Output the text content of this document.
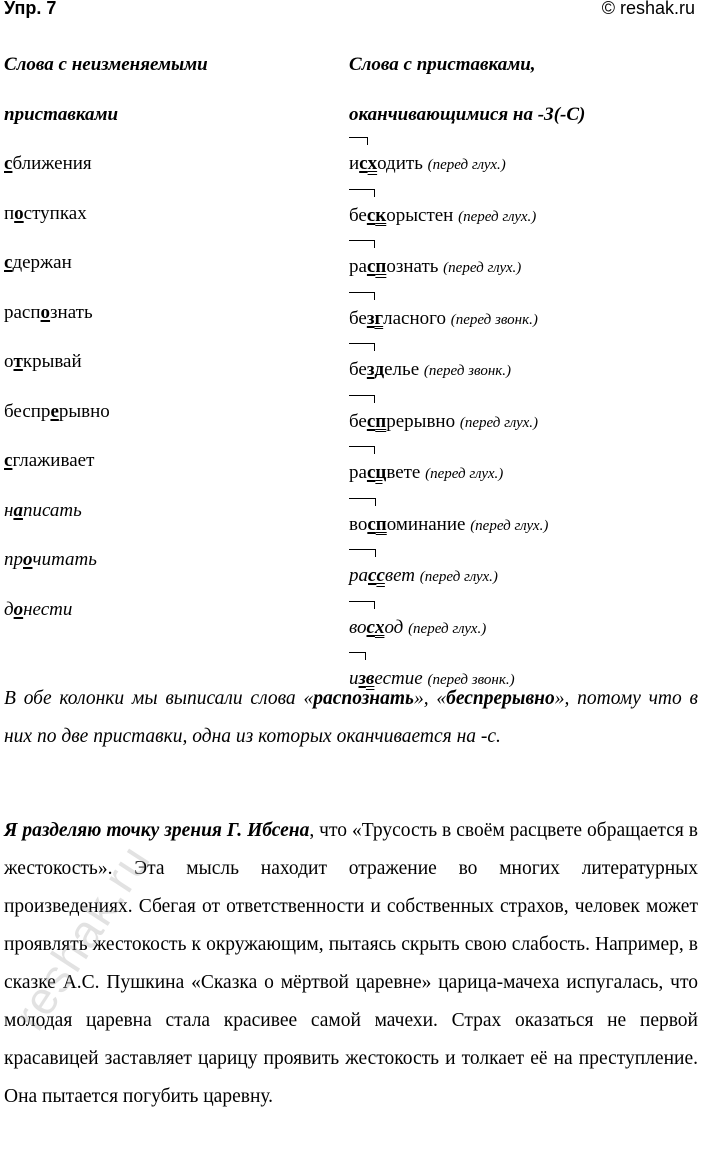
Упр. 7	© reshak.ru
Слова с неизменяемыми
приставками
сближения
поступках
сдержан
распознать
открывай
беспрерывно
сглаживает
написать
прочитать
донести
Слова с приставками,
оканчивающимися на -З(-С)
исходить (перед глух.)
бескорыстен (перед глух.)
распознать (перед глух.)
безгласного (перед звонк.)
безделье (перед звонк.)
беспрерывно (перед глух.)
расцвете (перед глух.)
воспоминание (перед глух.)
рассвет (перед глух.)
восход (перед глух.)
известие (перед звонк.)
В обе колонки мы выписали слова «распознать», «беспрерывно», потому что в них по две приставки, одна из которых оканчивается на -с.
Я разделяю точку зрения Г. Ибсена, что «Трусость в своём расцвете обращается в жестокость». Эта мысль находит отражение во многих литературных произведениях. Сбегая от ответственности и собственных страхов, человек может проявлять жестокость к окружающим, пытаясь скрыть свою слабость. Например, в сказке А.С. Пушкина «Сказка о мёртвой царевне» царица-мачеха испугалась, что молодая царевна стала красивее самой мачехи. Страх оказаться не первой красавицей заставляет царицу проявить жестокость и толкает её на преступление. Она пытается погубить царевну.
reshak.ru
